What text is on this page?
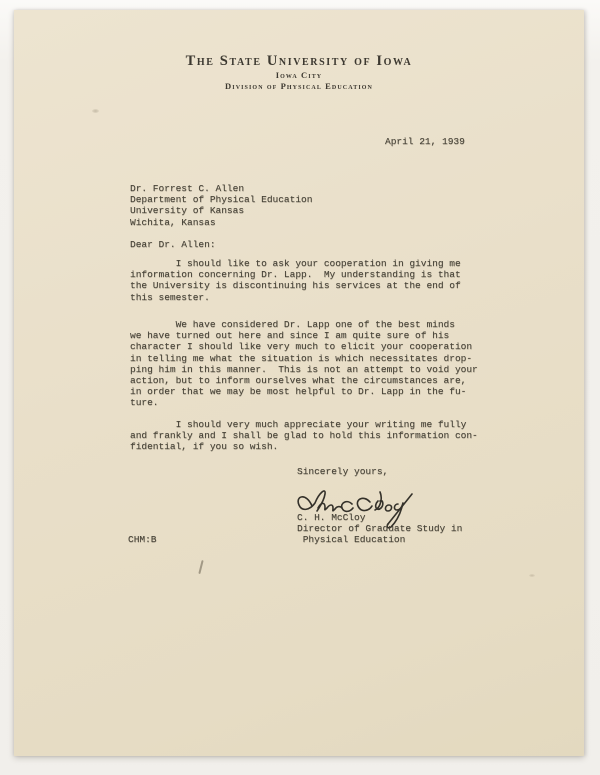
The State University of Iowa
Iowa City
Division of Physical Education
April 21, 1939
Dr. Forrest C. Allen
Department of Physical Education
University of Kansas
Wichita, Kansas
Dear Dr. Allen:
I should like to ask your cooperation in giving me
information concerning Dr. Lapp.  My understanding is that
the University is discontinuing his services at the end of
this semester.
We have considered Dr. Lapp one of the best minds
we have turned out here and since I am quite sure of his
character I should like very much to elicit your cooperation
in telling me what the situation is which necessitates drop-
ping him in this manner.  This is not an attempt to void your
action, but to inform ourselves what the circumstances are,
in order that we may be most helpful to Dr. Lapp in the fu-
ture.
I should very much appreciate your writing me fully
and frankly and I shall be glad to hold this information con-
fidential, if you so wish.
Sincerely yours,
C. H. McCloy
Director of Graduate Study in
Physical Education
CHM:B
